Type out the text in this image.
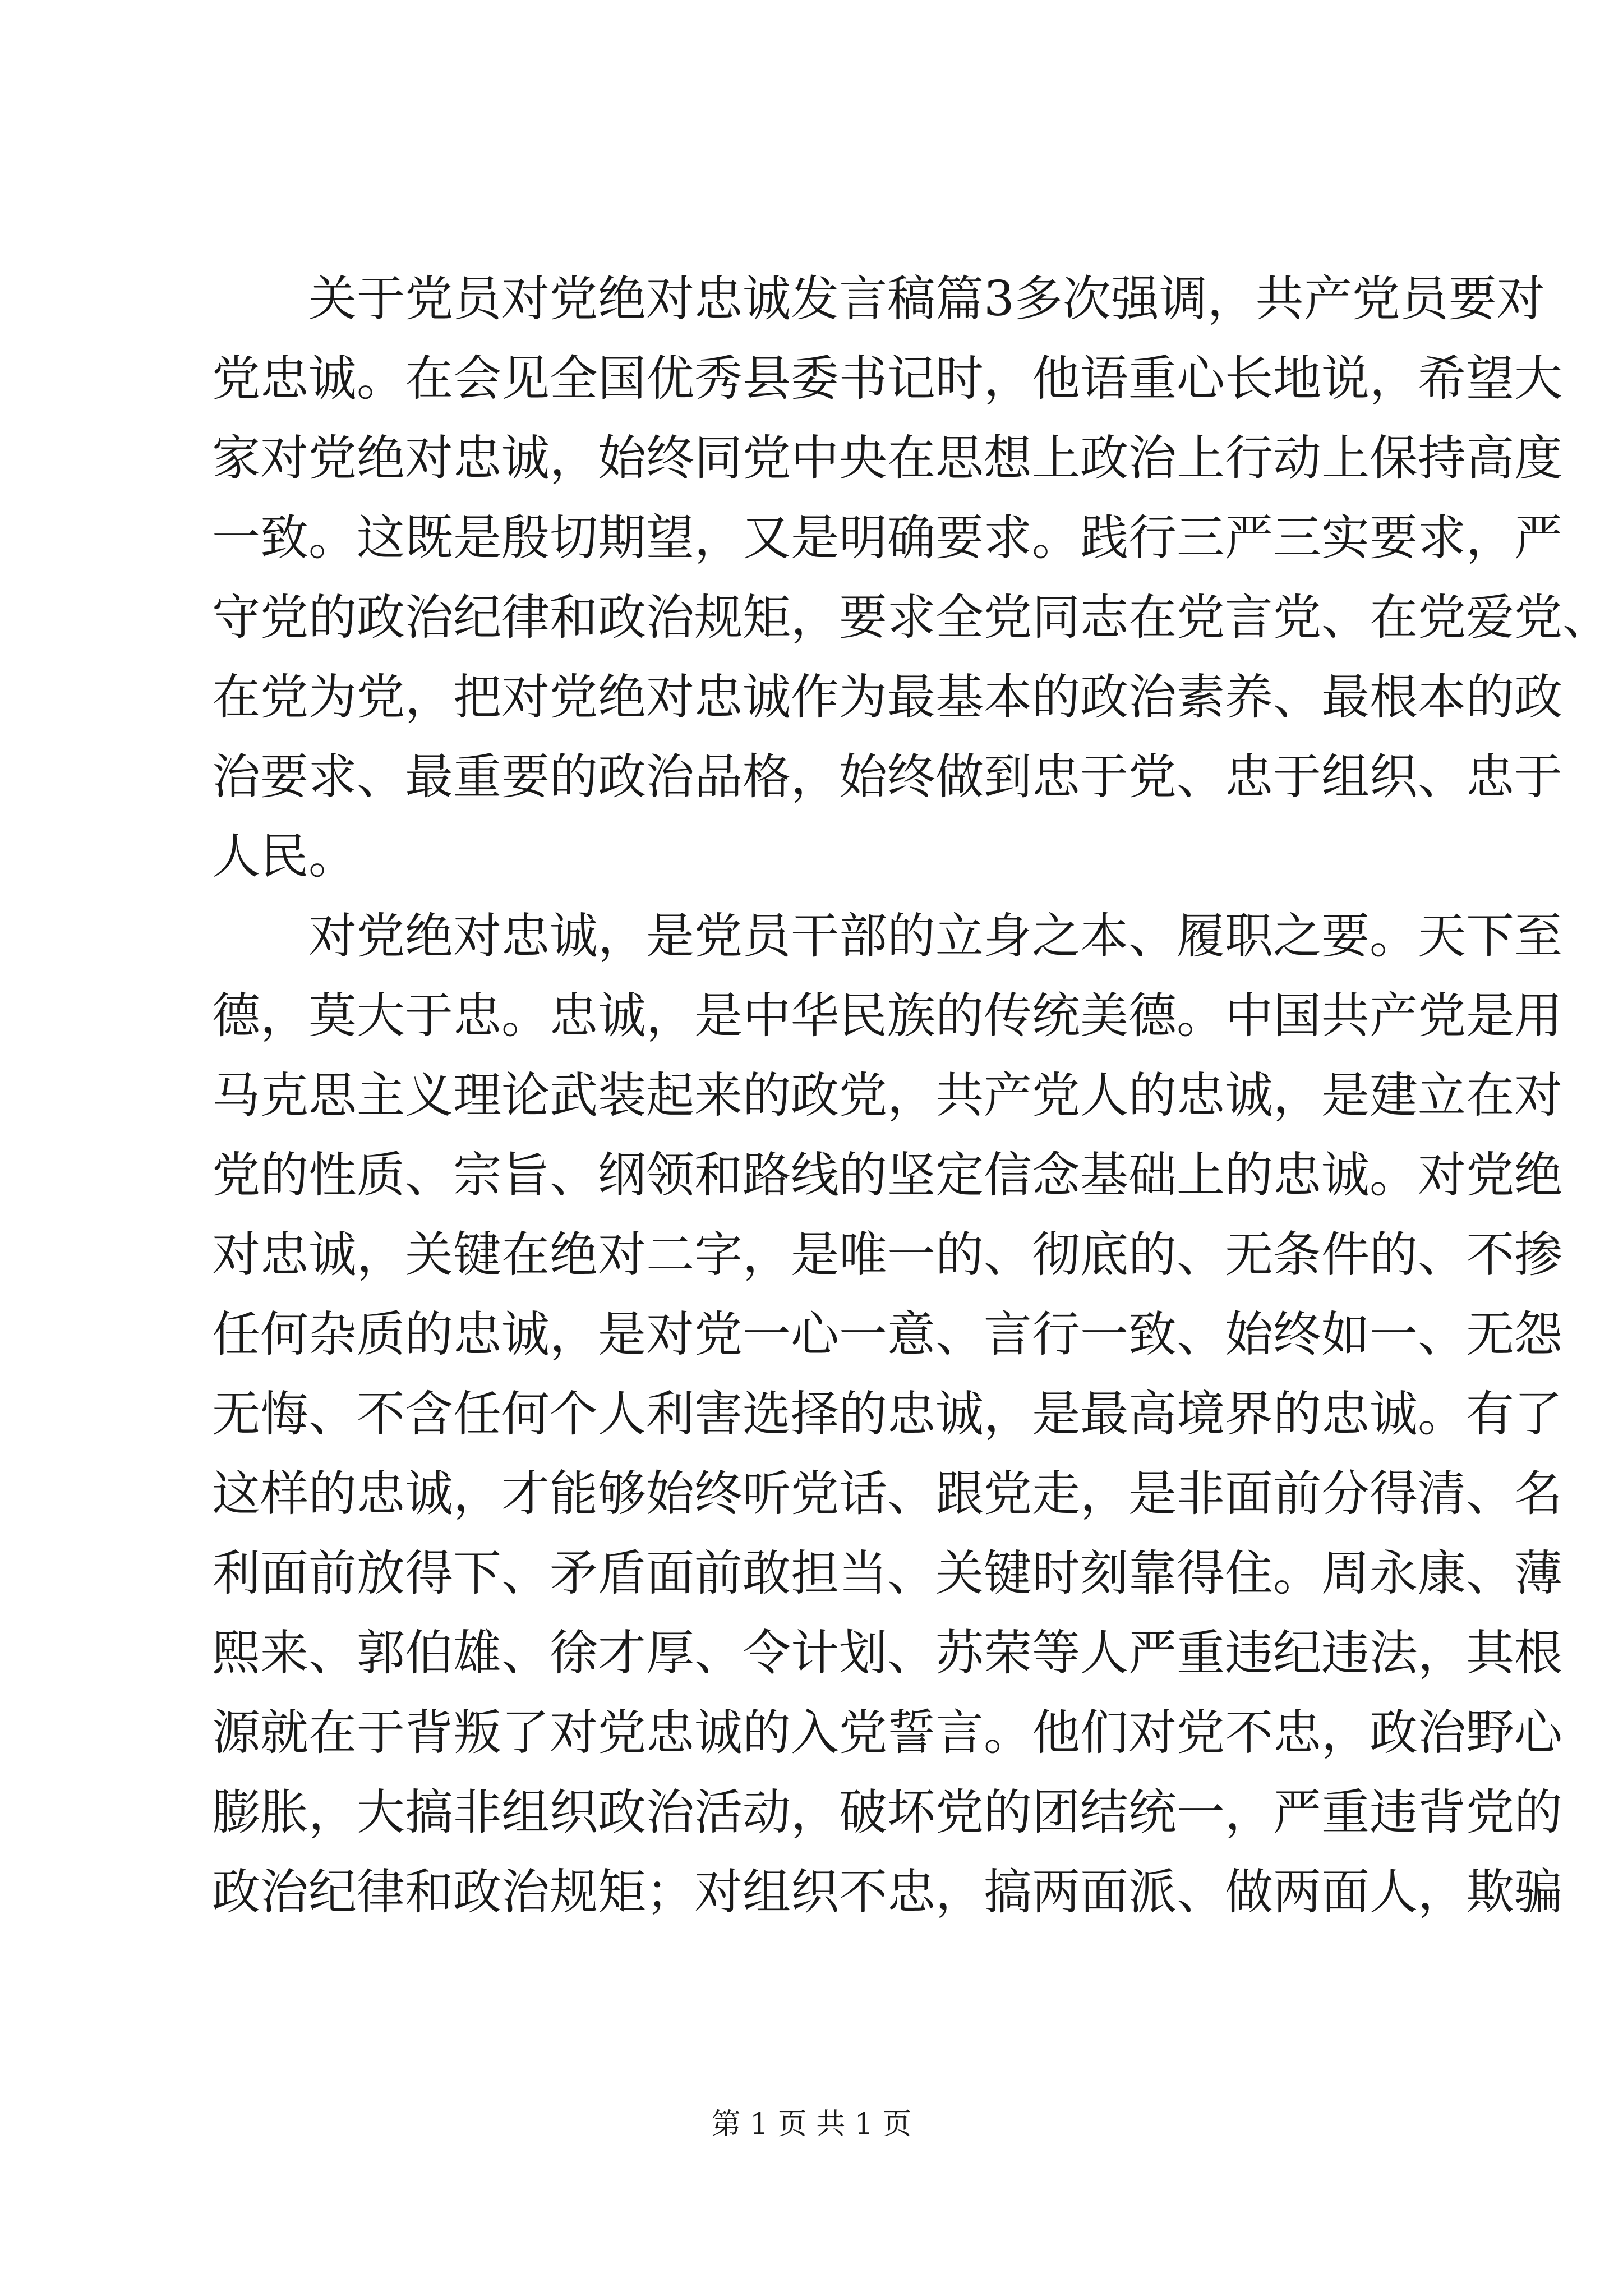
关于党员对党绝对忠诚发言稿篇3多次强调，共产党员要对
党忠诚。在会见全国优秀县委书记时，他语重心长地说，希望大
家对党绝对忠诚，始终同党中央在思想上政治上行动上保持高度
一致。这既是殷切期望，又是明确要求。践行三严三实要求，严
守党的政治纪律和政治规矩，要求全党同志在党言党、在党爱党、
在党为党，把对党绝对忠诚作为最基本的政治素养、最根本的政
治要求、最重要的政治品格，始终做到忠于党、忠于组织、忠于
人民。
对党绝对忠诚，是党员干部的立身之本、履职之要。天下至
德，莫大于忠。忠诚，是中华民族的传统美德。中国共产党是用
马克思主义理论武装起来的政党，共产党人的忠诚，是建立在对
党的性质、宗旨、纲领和路线的坚定信念基础上的忠诚。对党绝
对忠诚，关键在绝对二字，是唯一的、彻底的、无条件的、不掺
任何杂质的忠诚，是对党一心一意、言行一致、始终如一、无怨
无悔、不含任何个人利害选择的忠诚，是最高境界的忠诚。有了
这样的忠诚，才能够始终听党话、跟党走，是非面前分得清、名
利面前放得下、矛盾面前敢担当、关键时刻靠得住。周永康、薄
熙来、郭伯雄、徐才厚、令计划、苏荣等人严重违纪违法，其根
源就在于背叛了对党忠诚的入党誓言。他们对党不忠，政治野心
膨胀，大搞非组织政治活动，破坏党的团结统一，严重违背党的
政治纪律和政治规矩；对组织不忠，搞两面派、做两面人，欺骗
第 1 页 共 1 页
